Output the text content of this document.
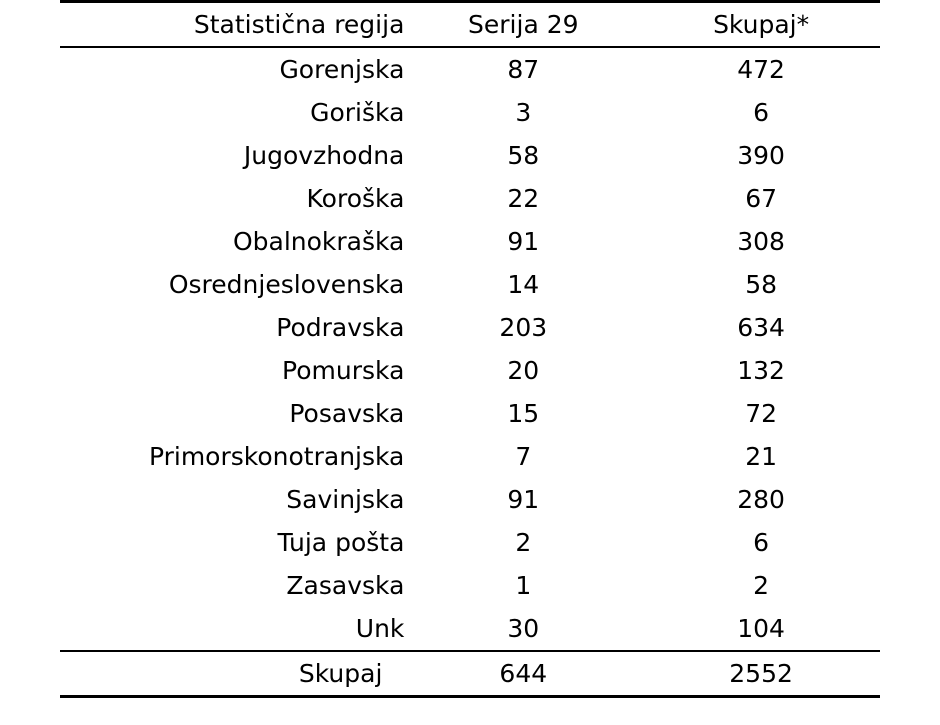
Statistična regija	Serija 29	Skupaj*
Gorenjska	87	472
Goriška	3	6
Jugovzhodna	58	390
Koroška	22	67
Obalnokraška	91	308
Osrednjeslovenska	14	58
Podravska	203	634
Pomurska	20	132
Posavska	15	72
Primorskonotranjska	7	21
Savinjska	91	280
Tuja pošta	2	6
Zasavska	1	2
Unk	30	104
Skupaj	644	2552
